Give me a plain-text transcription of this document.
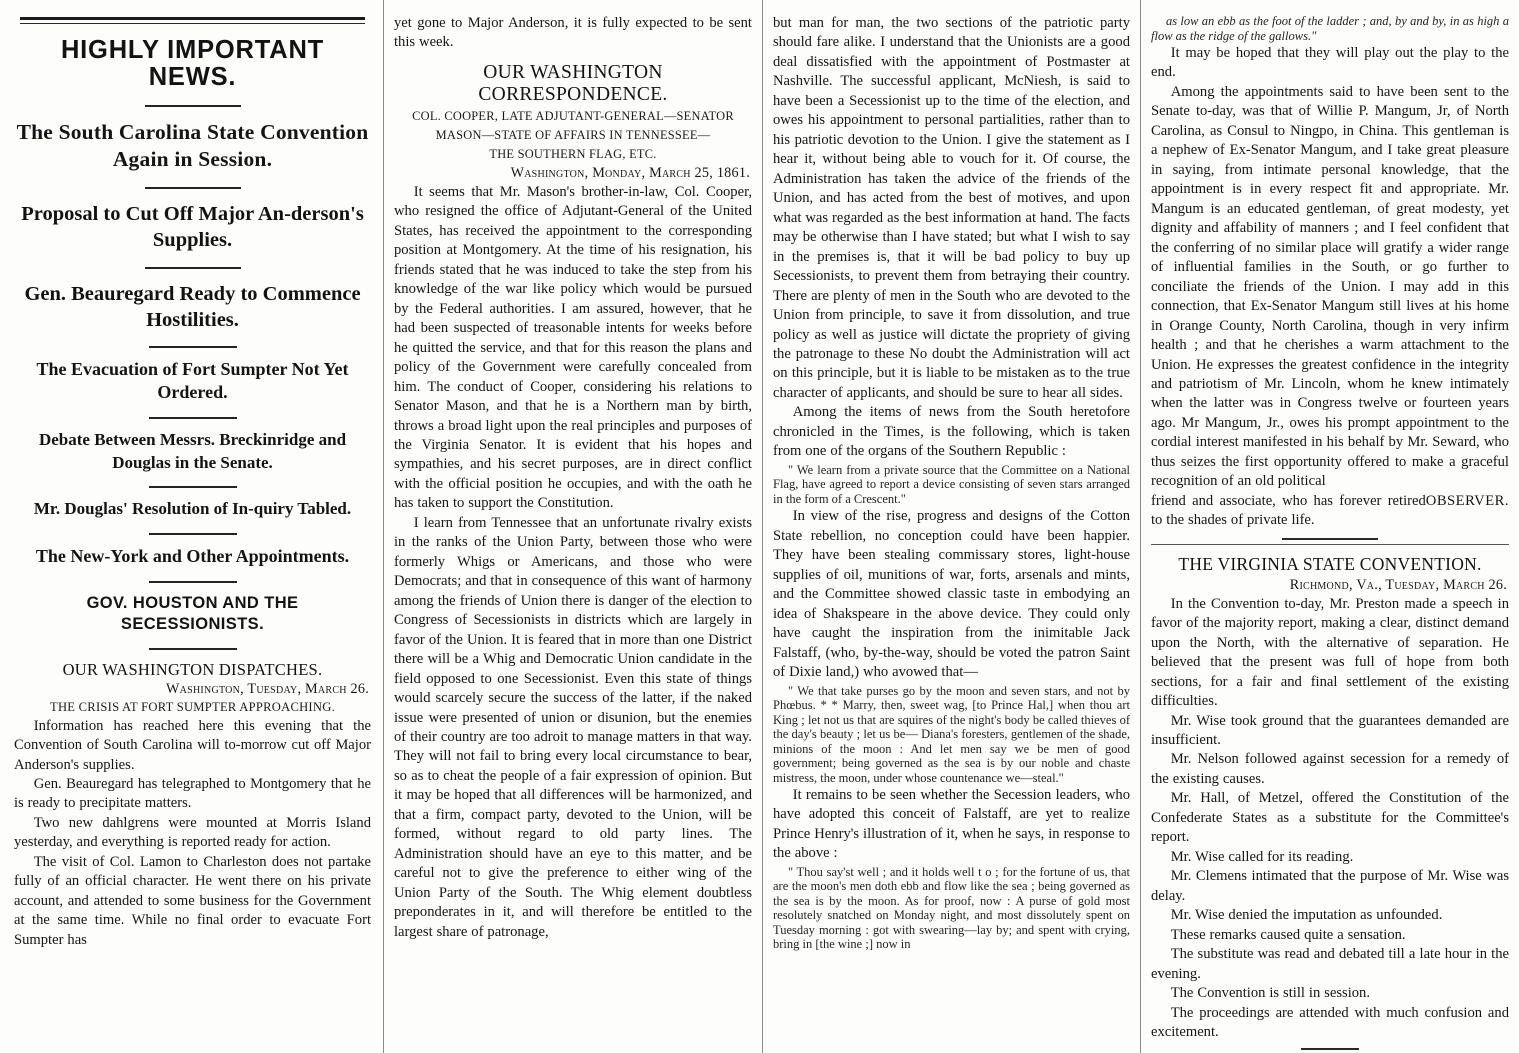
HIGHLY IMPORTANT NEWS.
The South Carolina State Convention Again in Session.
Proposal to Cut Off Major An-derson's Supplies.
Gen. Beauregard Ready to Commence Hostilities.
The Evacuation of Fort Sumpter Not Yet Ordered.
Debate Between Messrs. Breckinridge and Douglas in the Senate.
Mr. Douglas' Resolution of In-quiry Tabled.
The New-York and Other Appointments.
GOV. HOUSTON AND THE SECESSIONISTS.
OUR WASHINGTON DISPATCHES.
Washington, Tuesday, March 26.
THE CRISIS AT FORT SUMPTER APPROACHING.

Information has reached here this evening that the Convention of South Carolina will to-morrow cut off Major Anderson's supplies.

Gen. Beauregard has telegraphed to Montgomery that he is ready to precipitate matters.

Two new dahlgrens were mounted at Morris Island yesterday, and everything is reported ready for action.

The visit of Col. Lamon to Charleston does not partake fully of an official character. He went there on his private account, and attended to some business for the Government at the same time. While no final order to evacuate Fort Sumpter has

yet gone to Major Anderson, it is fully expected to be sent this week.

OUR WASHINGTON CORRESPONDENCE.
COL. COOPER, LATE ADJUTANT-GENERAL—SENATOR
MASON—STATE OF AFFAIRS IN TENNESSEE—
THE SOUTHERN FLAG, ETC.
Washington, Monday, March 25, 1861.

It seems that Mr. Mason's brother-in-law, Col. Cooper, who resigned the office of Adjutant-General of the United States, has received the appointment to the corresponding position at Montgomery. At the time of his resignation, his friends stated that he was induced to take the step from his knowledge of the war like policy which would be pursued by the Federal authorities. I am assured, however, that he had been suspected of treasonable intents for weeks before he quitted the service, and that for this reason the plans and policy of the Government were carefully concealed from him. The conduct of Cooper, considering his relations to Senator Mason, and that he is a Northern man by birth, throws a broad light upon the real principles and purposes of the Virginia Senator. It is evident that his hopes and sympathies, and his secret purposes, are in direct conflict with the official position he occupies, and with the oath he has taken to support the Constitution.

I learn from Tennessee that an unfortunate rivalry exists in the ranks of the Union Party, between those who were formerly Whigs or Americans, and those who were Democrats; and that in consequence of this want of harmony among the friends of Union there is danger of the election to Congress of Secessionists in districts which are largely in favor of the Union. It is feared that in more than one District there will be a Whig and Democratic Union candidate in the field opposed to one Secessionist. Even this state of things would scarcely secure the success of the latter, if the naked issue were presented of union or disunion, but the enemies of their country are too adroit to manage matters in that way. They will not fail to bring every local circumstance to bear, so as to cheat the people of a fair expression of opinion. But it may be hoped that all differences will be harmonized, and that a firm, compact party, devoted to the Union, will be formed, without regard to old party lines. The Administration should have an eye to this matter, and be careful not to give the preference to either wing of the Union Party of the South. The Whig element doubtless preponderates in it, and will therefore be entitled to the largest share of patronage,

but man for man, the two sections of the patriotic party should fare alike. I understand that the Unionists are a good deal dissatisfied with the appointment of Postmaster at Nashville. The successful applicant, McNiesh, is said to have been a Secessionist up to the time of the election, and owes his appointment to personal partialities, rather than to his patriotic devotion to the Union. I give the statement as I hear it, without being able to vouch for it. Of course, the Administration has taken the advice of the friends of the Union, and has acted from the best of motives, and upon what was regarded as the best information at hand. The facts may be otherwise than I have stated; but what I wish to say in the premises is, that it will be bad policy to buy up Secessionists, to prevent them from betraying their country. There are plenty of men in the South who are devoted to the Union from principle, to save it from dissolution, and true policy as well as justice will dictate the propriety of giving the patronage to these No doubt the Administration will act on this principle, but it is liable to be mistaken as to the true character of applicants, and should be sure to hear all sides.

Among the items of news from the South heretofore chronicled in the Times, is the following, which is taken from one of the organs of the Southern Republic :

" We learn from a private source that the Committee on a National Flag, have agreed to report a device consisting of seven stars arranged in the form of a Crescent."

In view of the rise, progress and designs of the Cotton State rebellion, no conception could have been happier. They have been stealing commissary stores, light-house supplies of oil, munitions of war, forts, arsenals and mints, and the Committee showed classic taste in embodying an idea of Shakspeare in the above device. They could only have caught the inspiration from the inimitable Jack Falstaff, (who, by-the-way, should be voted the patron Saint of Dixie land,) who avowed that—

" We that take purses go by the moon and seven stars, and not by Phœbus. * * Marry, then, sweet wag, [to Prince Hal,] when thou art King ; let not us that are squires of the night's body be called thieves of the day's beauty ; let us be— Diana's foresters, gentlemen of the shade, minions of the moon : And let men say we be men of good government; being governed as the sea is by our noble and chaste mistress, the moon, under whose countenance we—steal."

It remains to be seen whether the Secession leaders, who have adopted this conceit of Falstaff, are yet to realize Prince Henry's illustration of it, when he says, in response to the above :

" Thou say'st well ; and it holds well t o ; for the fortune of us, that are the moon's men doth ebb and flow like the sea ; being governed as the sea is by the moon. As for proof, now : A purse of gold most resolutely snatched on Monday night, and most dissolutely spent on Tuesday morning : got with swearing—lay by; and spent with crying, bring in [the wine ;] now in

as low an ebb as the foot of the ladder ; and, by and by, in as high a flow as the ridge of the gallows."

It may be hoped that they will play out the play to the end.

Among the appointments said to have been sent to the Senate to-day, was that of Willie P. Mangum, Jr, of North Carolina, as Consul to Ningpo, in China. This gentleman is a nephew of Ex-Senator Mangum, and I take great pleasure in saying, from intimate personal knowledge, that the appointment is in every respect fit and appropriate. Mr. Mangum is an educated gentleman, of great modesty, yet dignity and affability of manners ; and I feel confident that the conferring of no similar place will gratify a wider range of influential families in the South, or go further to conciliate the friends of the Union. I may add in this connection, that Ex-Senator Mangum still lives at his home in Orange County, North Carolina, though in very infirm health ; and that he cherishes a warm attachment to the Union. He expresses the greatest confidence in the integrity and patriotism of Mr. Lincoln, whom he knew intimately when the latter was in Congress twelve or fourteen years ago. Mr Mangum, Jr., owes his prompt appointment to the cordial interest manifested in his behalf by Mr. Seward, who thus seizes the first opportunity offered to make a graceful recognition of an old political

OBSERVER.
friend and associate, who has forever retired to the shades of private life.

THE VIRGINIA STATE CONVENTION.
Richmond, Va., Tuesday, March 26.

In the Convention to-day, Mr. Preston made a speech in favor of the majority report, making a clear, distinct demand upon the North, with the alternative of separation. He believed that the present was full of hope from both sections, for a fair and final settlement of the existing difficulties.

Mr. Wise took ground that the guarantees demanded are insufficient.

Mr. Nelson followed against secession for a remedy of the existing causes.

Mr. Hall, of Metzel, offered the Constitution of the Confederate States as a substitute for the Committee's report.

Mr. Wise called for its reading.

Mr. Clemens intimated that the purpose of Mr. Wise was delay.

Mr. Wise denied the imputation as unfounded.

These remarks caused quite a sensation.

The substitute was read and debated till a late hour in the evening.

The Convention is still in session.

The proceedings are attended with much confusion and excitement.
